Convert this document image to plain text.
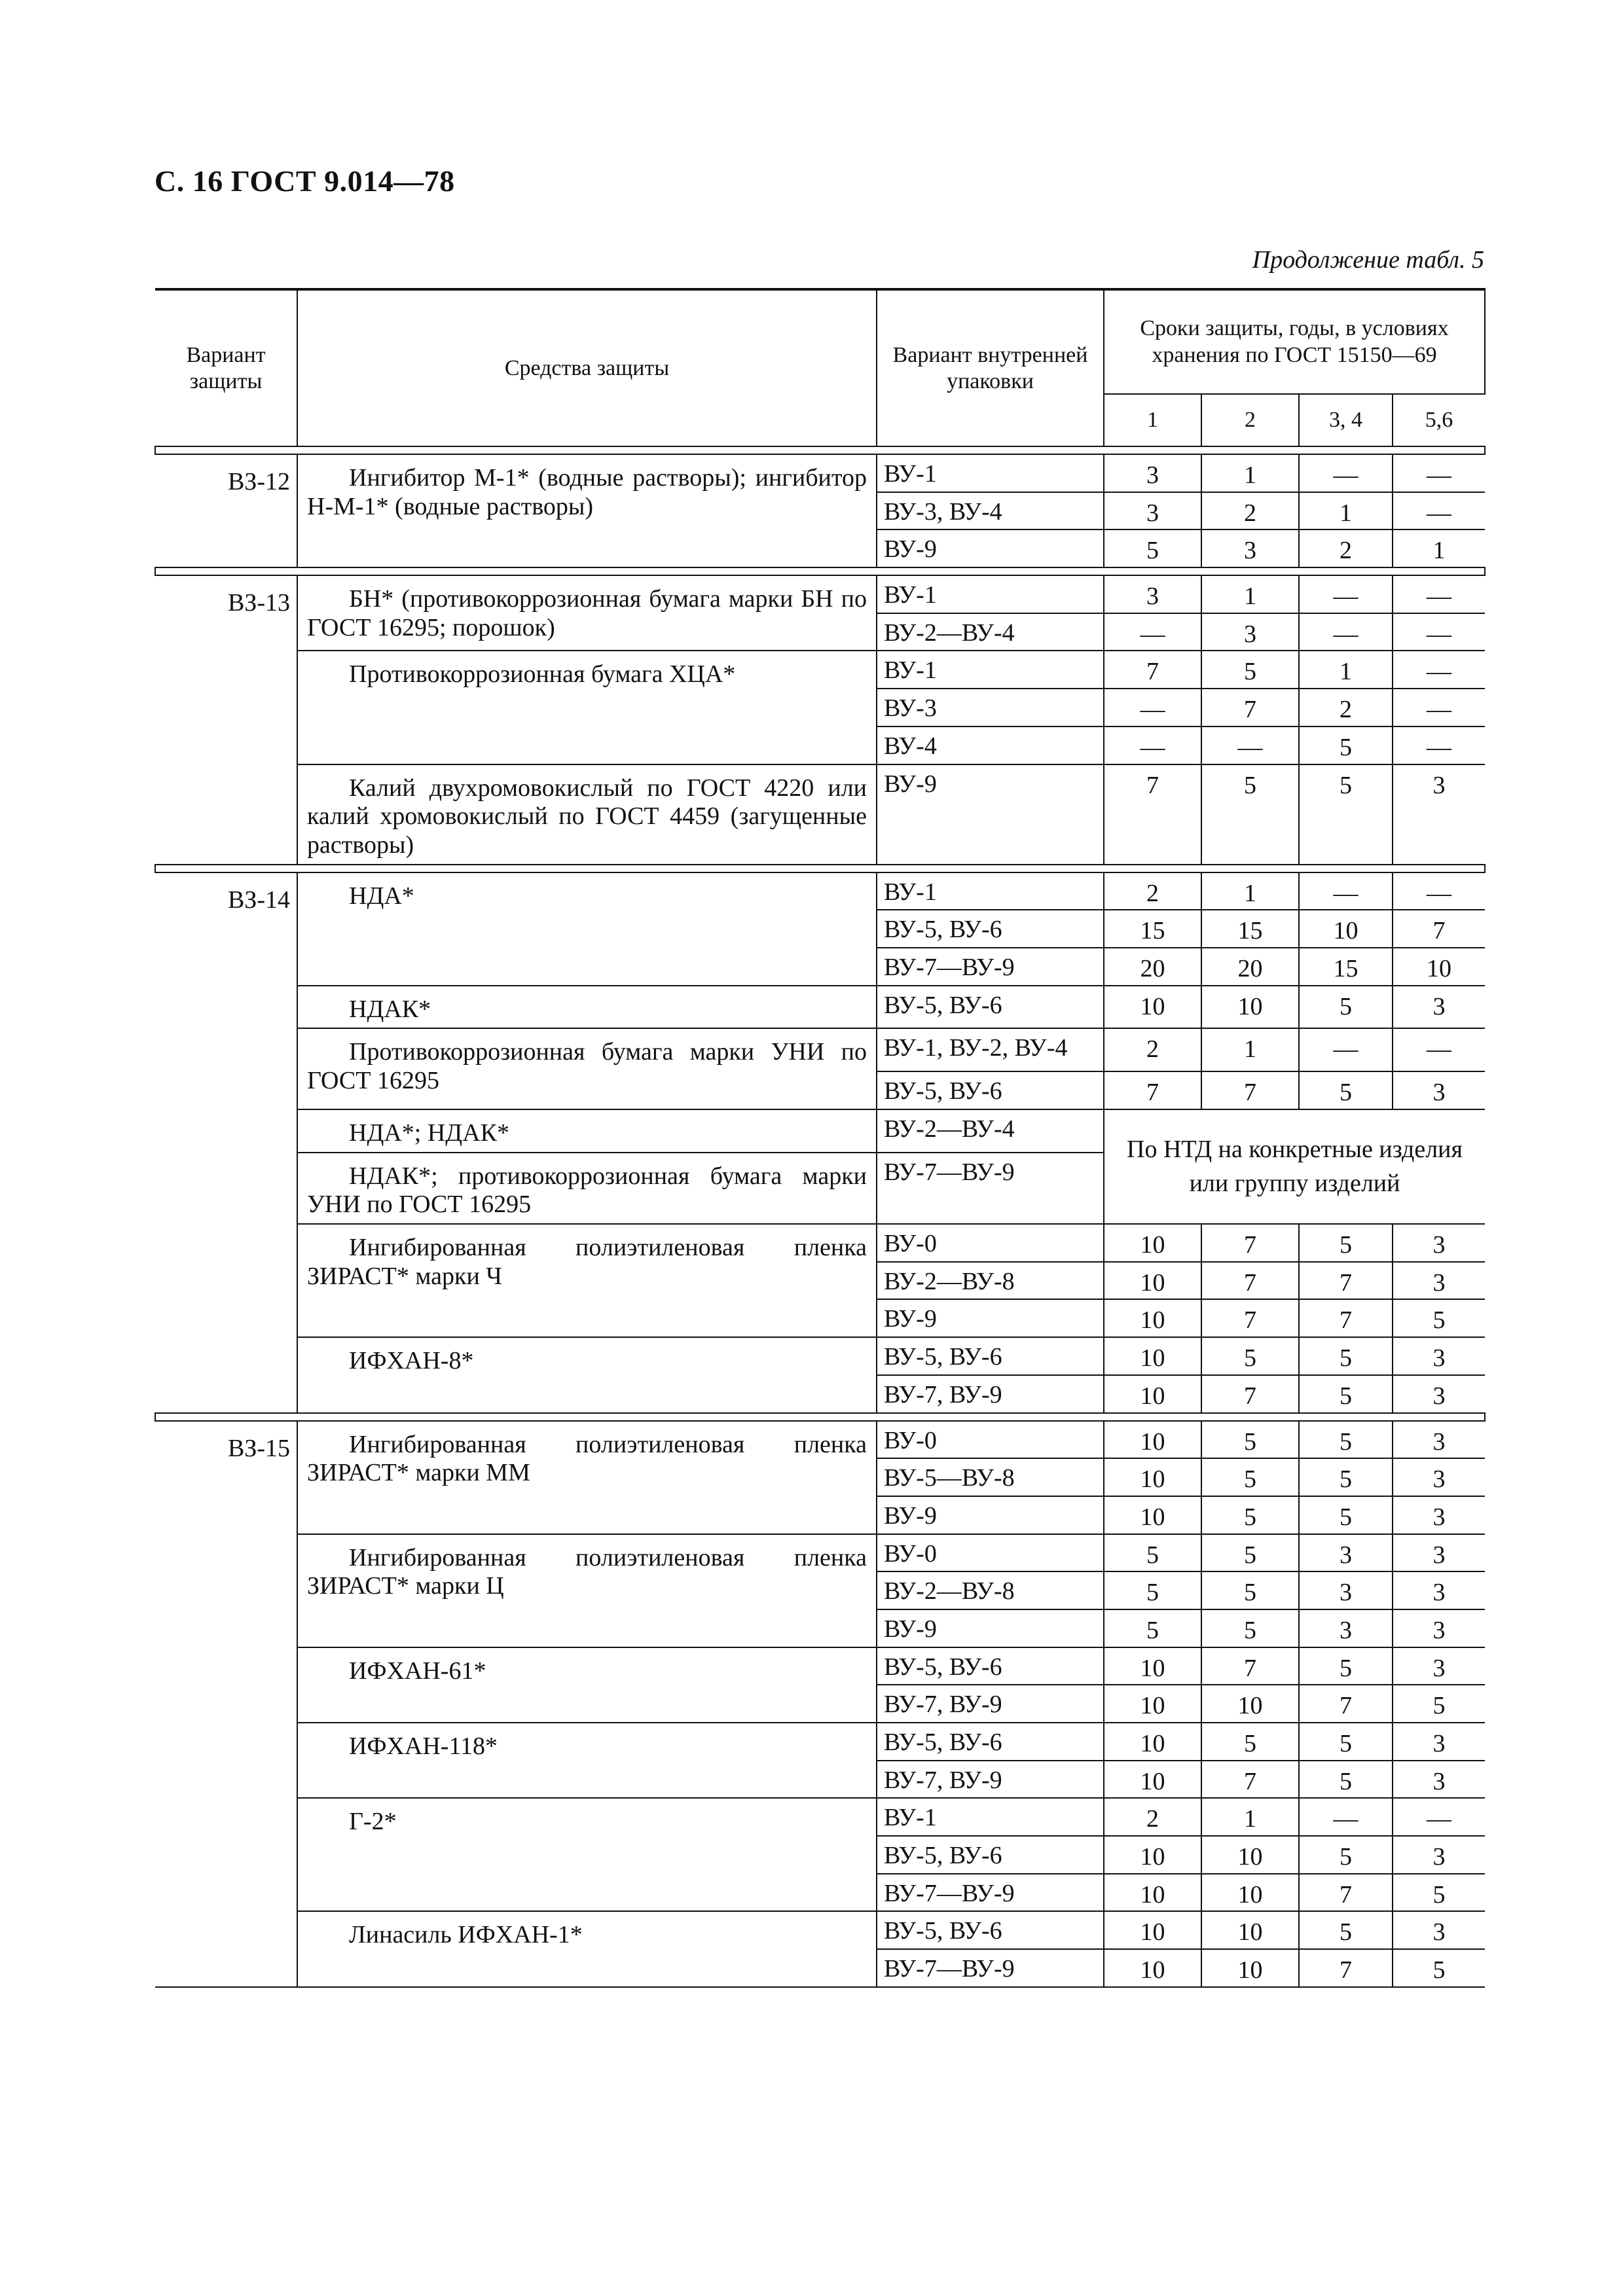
С. 16 ГОСТ 9.014—78
Продолжение табл. 5
Вариант защиты	Средства защиты	Вариант внутренней упаковки	Сроки защиты, годы, в условиях хранения по ГОСТ 15150—69			
			1	2	3, 4	5,6

ВЗ-12	Ингибитор М-1* (водные растворы); ингибитор Н-М-1* (водные растворы)	ВУ-1	3	1	—	—
		ВУ-3, ВУ-4	3	2	1	—
		ВУ-9	5	3	2	1

ВЗ-13	БН* (противокоррозионная бумага марки БН по ГОСТ 16295; порошок)	ВУ-1	3	1	—	—
		ВУ-2—ВУ-4	—	3	—	—

	Противокоррозионная бумага ХЦА*	ВУ-1	7	5	1	—
		ВУ-3	—	7	2	—
		ВУ-4	—	—	5	—

	Калий двухромовокислый по ГОСТ 4220 или калий хромовокислый по ГОСТ 4459 (загущенные растворы)	ВУ-9	7	5	5	3

ВЗ-14	НДА*	ВУ-1	2	1	—	—
		ВУ-5, ВУ-6	15	15	10	7
		ВУ-7—ВУ-9	20	20	15	10

	НДАК*	ВУ-5, ВУ-6	10	10	5	3

	Противокоррозионная бумага марки УНИ по ГОСТ 16295	ВУ-1, ВУ-2, ВУ-4	2	1	—	—
		ВУ-5, ВУ-6	7	7	5	3

	НДА*; НДАК*	ВУ-2—ВУ-4	По НТД на конкретные изделия или группу изделий			

	НДАК*; противокоррозионная бумага марки УНИ по ГОСТ 16295	ВУ-7—ВУ-9				

	Ингибированная полиэтиленовая пленка ЗИРАСТ* марки Ч	ВУ-0	10	7	5	3
		ВУ-2—ВУ-8	10	7	7	3
		ВУ-9	10	7	7	5

	ИФХАН-8*	ВУ-5, ВУ-6	10	5	5	3
		ВУ-7, ВУ-9	10	7	5	3

ВЗ-15	Ингибированная полиэтиленовая пленка ЗИРАСТ* марки ММ	ВУ-0	10	5	5	3
		ВУ-5—ВУ-8	10	5	5	3
		ВУ-9	10	5	5	3

	Ингибированная полиэтиленовая пленка ЗИРАСТ* марки Ц	ВУ-0	5	5	3	3
		ВУ-2—ВУ-8	5	5	3	3
		ВУ-9	5	5	3	3

	ИФХАН-61*	ВУ-5, ВУ-6	10	7	5	3
		ВУ-7, ВУ-9	10	10	7	5

	ИФХАН-118*	ВУ-5, ВУ-6	10	5	5	3
		ВУ-7, ВУ-9	10	7	5	3

	Г-2*	ВУ-1	2	1	—	—
		ВУ-5, ВУ-6	10	10	5	3
		ВУ-7—ВУ-9	10	10	7	5

	Линасиль ИФХАН-1*	ВУ-5, ВУ-6	10	10	5	3
		ВУ-7—ВУ-9	10	10	7	5
